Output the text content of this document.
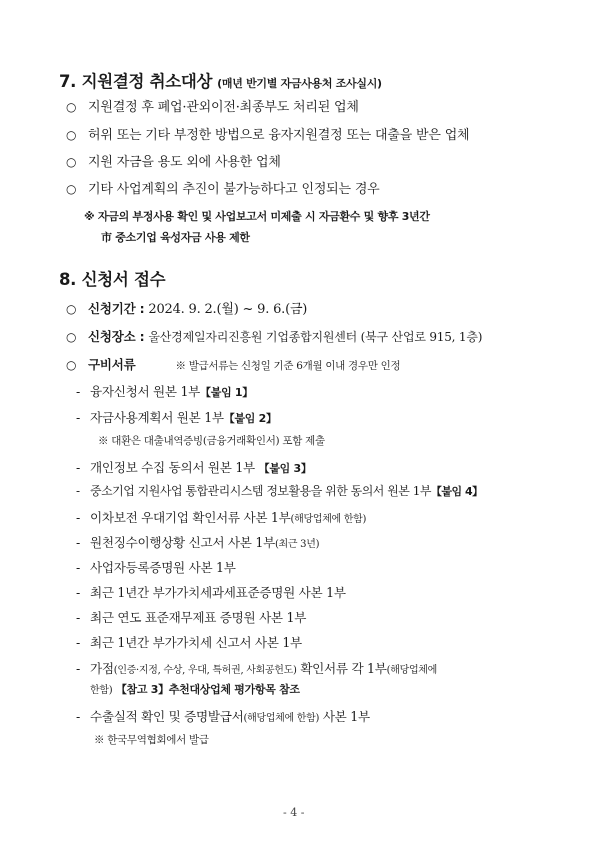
7. 지원결정 취소대상 (매년 반기별 자금사용처 조사실시)
○ 지원결정 후 폐업·관외이전·최종부도 처리된 업체
○ 허위 또는 기타 부정한 방법으로 융자지원결정 또는 대출을 받은 업체
○ 지원 자금을 용도 외에 사용한 업체
○ 기타 사업계획의 추진이 불가능하다고 인정되는 경우
※ 자금의 부정사용 확인 및 사업보고서 미제출 시 자금환수 및 향후 3년간
市 중소기업 육성자금 사용 제한
8. 신청서 접수
○ 신청기간 : 2024. 9. 2.(월) ~ 9. 6.(금)
○ 신청장소 : 울산경제일자리진흥원 기업종합지원센터 (북구 산업로 915, 1층)
○ 구비서류	※ 발급서류는 신청일 기준 6개월 이내 경우만 인정
- 융자신청서 원본 1부【붙임 1】
- 자금사용계획서 원본 1부【붙임 2】
※ 대환은 대출내역증빙(금융거래확인서) 포함 제출
- 개인정보 수집 동의서 원본 1부 【붙임 3】
- 중소기업 지원사업 통합관리시스템 정보활용을 위한 동의서 원본 1부【붙임 4】
- 이차보전 우대기업 확인서류 사본 1부(해당업체에 한함)
- 원천징수이행상황 신고서 사본 1부(최근 3년)
- 사업자등록증명원 사본 1부
- 최근 1년간 부가가치세과세표준증명원 사본 1부
- 최근 연도 표준재무제표 증명원 사본 1부
- 최근 1년간 부가가치세 신고서 사본 1부
- 가점(인증·지정, 수상, 우대, 특허권, 사회공헌도) 확인서류 각 1부(해당업체에
한함) 【참고 3】추천대상업체 평가항목 참조
- 수출실적 확인 및 증명발급서(해당업체에 한함) 사본 1부
※ 한국무역협회에서 발급
- 4 -
